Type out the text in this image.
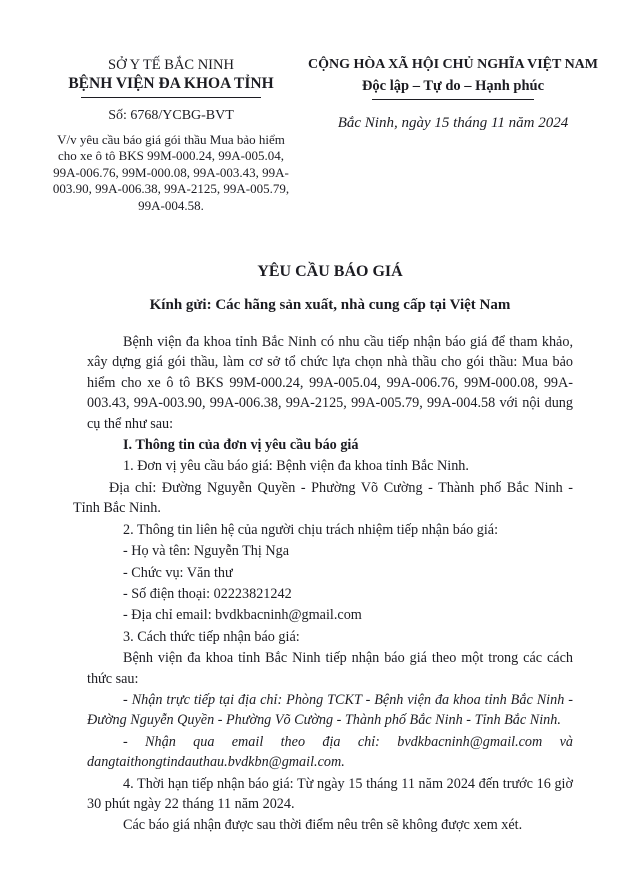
SỞ Y TẾ BẮC NINH
BỆNH VIỆN ĐA KHOA TỈNH
Số: 6768/YCBG-BVT
V/v yêu cầu báo giá gói thầu Mua bảo hiểm cho xe ô tô BKS 99M-000.24, 99A-005.04, 99A-006.76, 99M-000.08, 99A-003.43, 99A-003.90, 99A-006.38, 99A-2125, 99A-005.79, 99A-004.58.
CỘNG HÒA XÃ HỘI CHỦ NGHĨA VIỆT NAM
Độc lập – Tự do – Hạnh phúc
Bắc Ninh, ngày 15 tháng 11 năm 2024
YÊU CẦU BÁO GIÁ
Kính gửi: Các hãng sản xuất, nhà cung cấp tại Việt Nam

Bệnh viện đa khoa tỉnh Bắc Ninh có nhu cầu tiếp nhận báo giá để tham khảo, xây dựng giá gói thầu, làm cơ sở tổ chức lựa chọn nhà thầu cho gói thầu: Mua bảo hiểm cho xe ô tô BKS 99M-000.24, 99A-005.04, 99A-006.76, 99M-000.08, 99A-003.43, 99A-003.90, 99A-006.38, 99A-2125, 99A-005.79, 99A-004.58 với nội dung cụ thể như sau:

I. Thông tin của đơn vị yêu cầu báo giá

1. Đơn vị yêu cầu báo giá: Bệnh viện đa khoa tỉnh Bắc Ninh.

Địa chỉ: Đường Nguyễn Quyền - Phường Võ Cường - Thành phố Bắc Ninh - Tỉnh Bắc Ninh.

2. Thông tin liên hệ của người chịu trách nhiệm tiếp nhận báo giá:

- Họ và tên: Nguyễn Thị Nga

- Chức vụ: Văn thư

- Số điện thoại: 02223821242

- Địa chỉ email: bvdkbacninh@gmail.com

3. Cách thức tiếp nhận báo giá:

Bệnh viện đa khoa tỉnh Bắc Ninh tiếp nhận báo giá theo một trong các cách thức sau:

- Nhận trực tiếp tại địa chỉ: Phòng TCKT - Bệnh viện đa khoa tỉnh Bắc Ninh - Đường Nguyễn Quyền - Phường Võ Cường - Thành phố Bắc Ninh - Tỉnh Bắc Ninh.

- Nhận qua email theo địa chỉ: bvdkbacninh@gmail.com và dangtaithongtindauthau.bvdkbn@gmail.com.

4. Thời hạn tiếp nhận báo giá: Từ ngày 15 tháng 11 năm 2024 đến trước 16 giờ 30 phút ngày 22 tháng 11 năm 2024.

Các báo giá nhận được sau thời điểm nêu trên sẽ không được xem xét.
